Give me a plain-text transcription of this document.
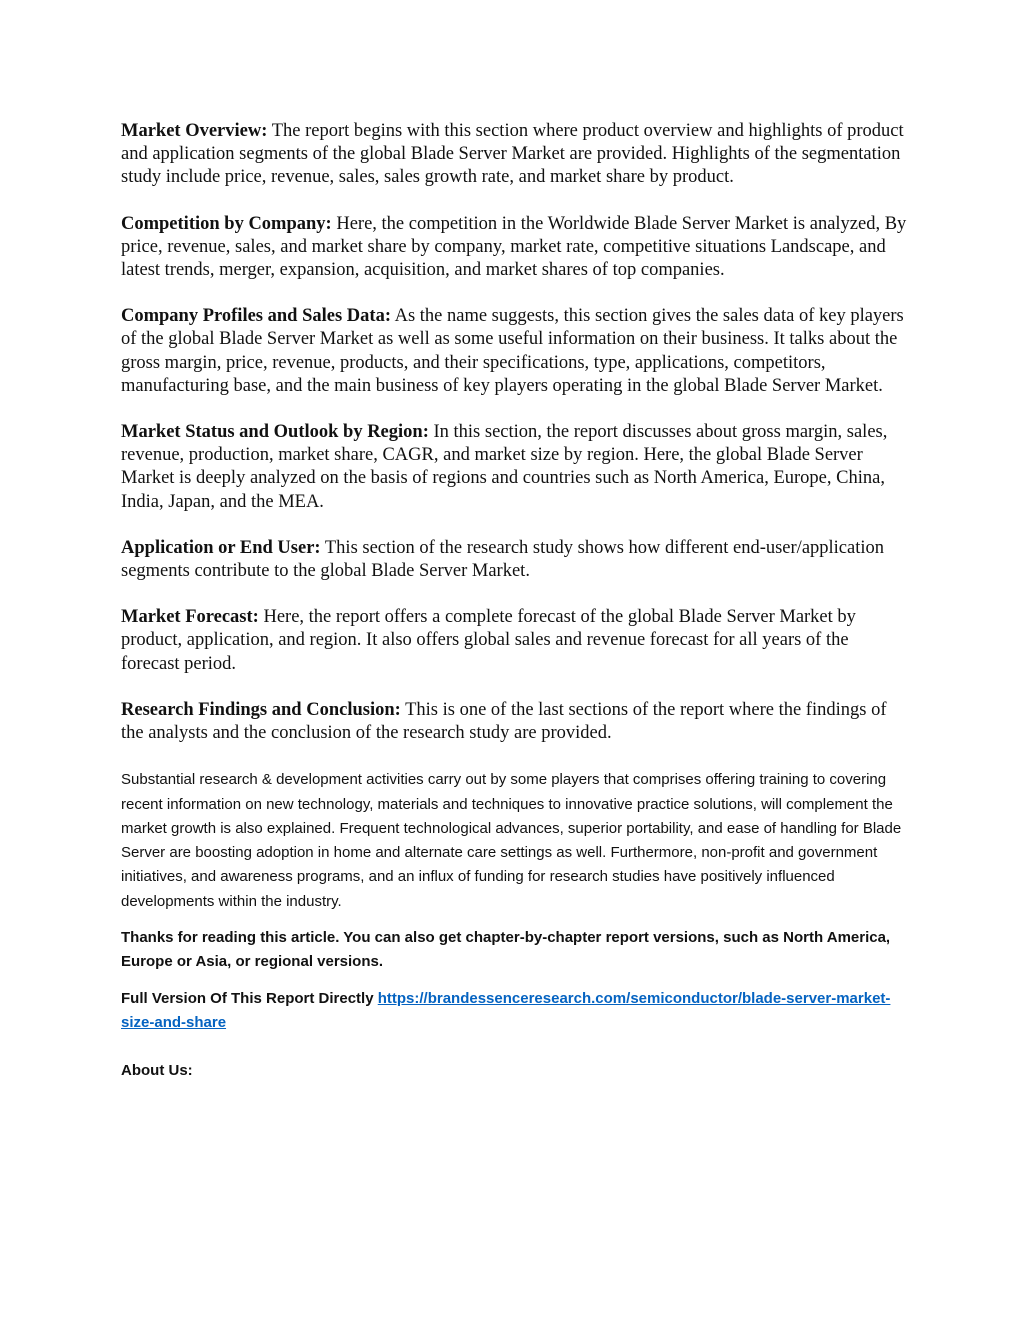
Market Overview: The report begins with this section where product overview and highlights of product and application segments of the global Blade Server Market are provided. Highlights of the segmentation study include price, revenue, sales, sales growth rate, and market share by product.

Competition by Company: Here, the competition in the Worldwide Blade Server Market is analyzed, By price, revenue, sales, and market share by company, market rate, competitive situations Landscape, and latest trends, merger, expansion, acquisition, and market shares of top companies.

Company Profiles and Sales Data: As the name suggests, this section gives the sales data of key players of the global Blade Server Market as well as some useful information on their business. It talks about the gross margin, price, revenue, products, and their specifications, type, applications, competitors, manufacturing base, and the main business of key players operating in the global Blade Server Market.

Market Status and Outlook by Region: In this section, the report discusses about gross margin, sales, revenue, production, market share, CAGR, and market size by region. Here, the global Blade Server Market is deeply analyzed on the basis of regions and countries such as North America, Europe, China, India, Japan, and the MEA.

Application or End User: This section of the research study shows how different end-user/application segments contribute to the global Blade Server Market.

Market Forecast: Here, the report offers a complete forecast of the global Blade Server Market by product, application, and region. It also offers global sales and revenue forecast for all years of the forecast period.

Research Findings and Conclusion: This is one of the last sections of the report where the findings of the analysts and the conclusion of the research study are provided.

Substantial research & development activities carry out by some players that comprises offering training to covering recent information on new technology, materials and techniques to innovative practice solutions, will complement the market growth is also explained. Frequent technological advances, superior portability, and ease of handling for Blade Server are boosting adoption in home and alternate care settings as well. Furthermore, non-profit and government initiatives, and awareness programs, and an influx of funding for research studies have positively influenced developments within the industry.

Thanks for reading this article. You can also get chapter-by-chapter report versions, such as North America, Europe or Asia, or regional versions.

Full Version Of This Report Directly https://brandessenceresearch.com/semiconductor/blade-server-market-size-and-share

About Us:
